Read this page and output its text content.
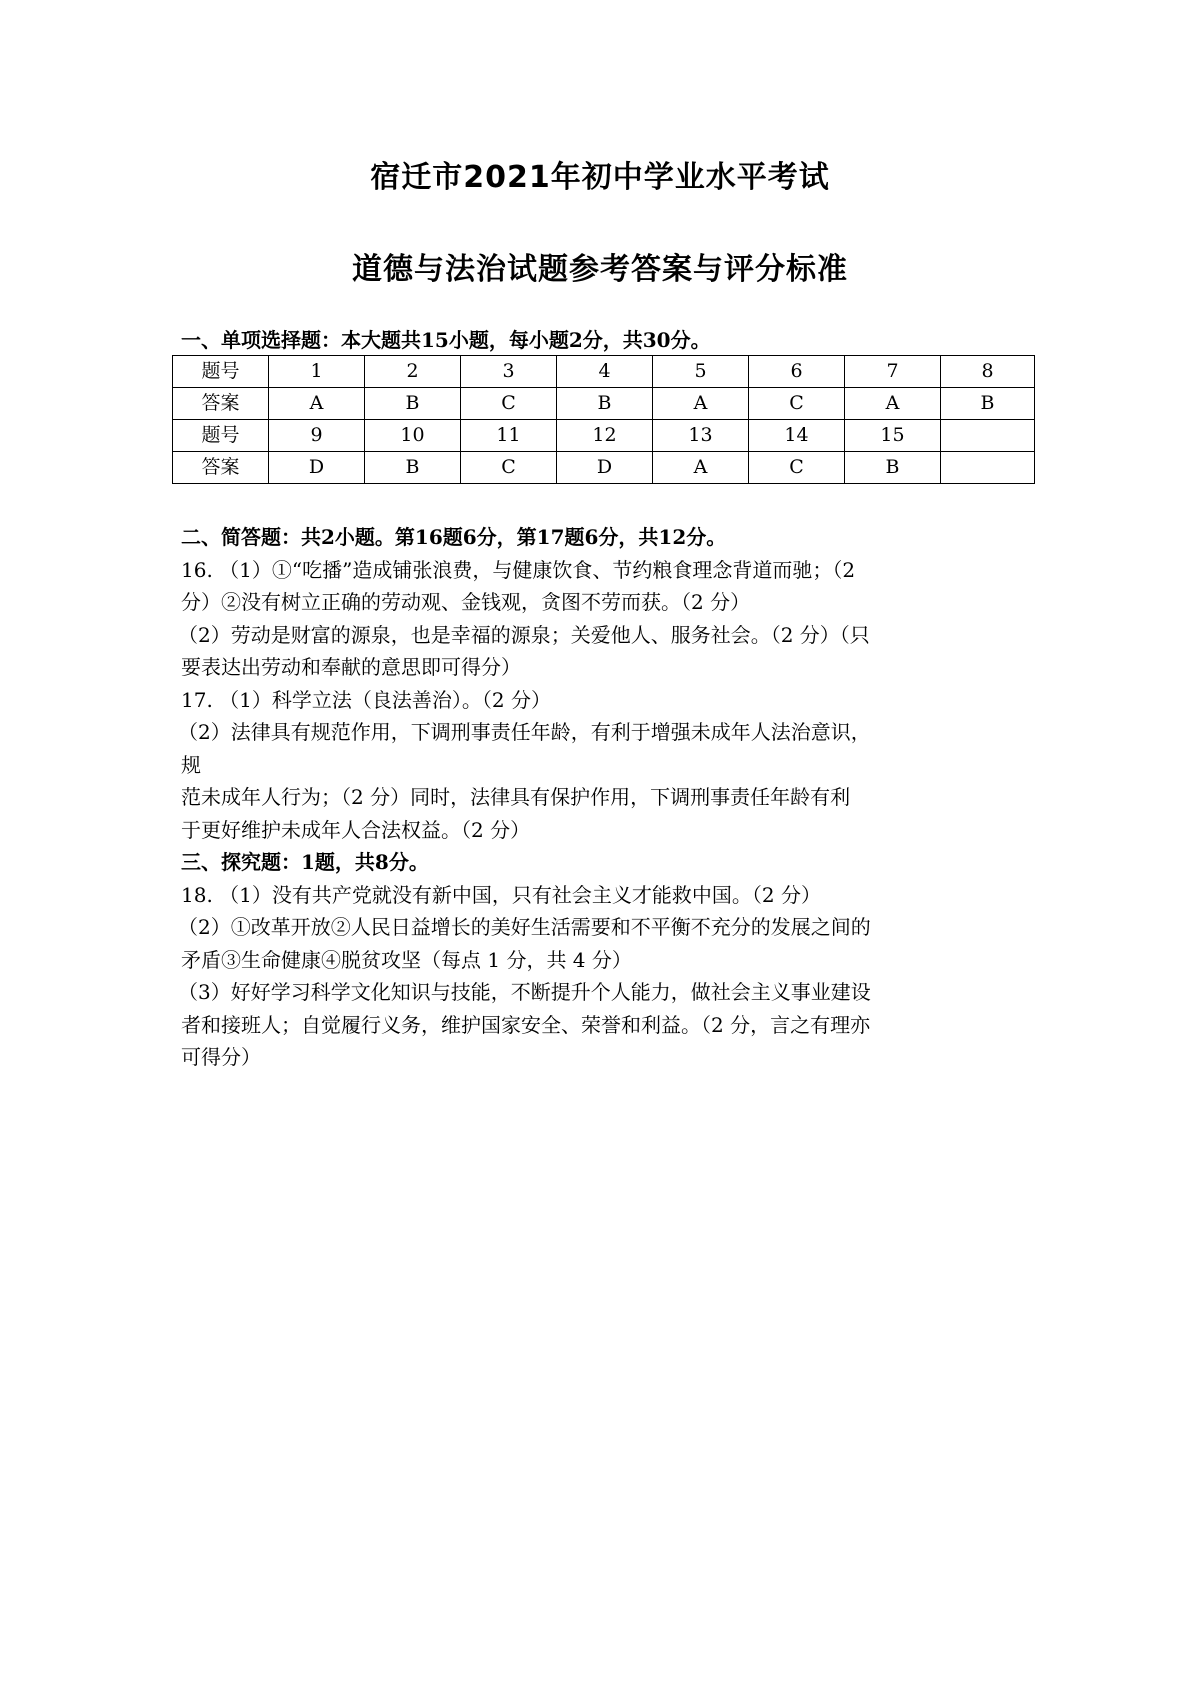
宿迁市2021年初中学业水平考试
道德与法治试题参考答案与评分标准
一、单项选择题：本大题共15小题，每小题2分，共30分。
题号	1	2	3	4	5	6	7	8
答案	A	B	C	B	A	C	A	B
题号	9	10	11	12	13	14	15	
答案	D	B	C	D	A	C	B	
二、简答题：共2小题。第16题6分，第17题6分，共12分。
16. （1）①“吃播”造成铺张浪费，与健康饮食、节约粮食理念背道而驰；（2
分）②没有树立正确的劳动观、金钱观，贪图不劳而获。（2 分）
（2）劳动是财富的源泉，也是幸福的源泉；关爱他人、服务社会。（2 分）（只
要表达出劳动和奉献的意思即可得分）
17. （1）科学立法（良法善治）。（2 分）
（2）法律具有规范作用，下调刑事责任年龄，有利于增强未成年人法治意识，
规
范未成年人行为；（2 分）同时，法律具有保护作用，下调刑事责任年龄有利
于更好维护未成年人合法权益。（2 分）
三、探究题：1题，共8分。
18. （1）没有共产党就没有新中国，只有社会主义才能救中国。（2 分）
（2）①改革开放②人民日益增长的美好生活需要和不平衡不充分的发展之间的
矛盾③生命健康④脱贫攻坚（每点 1 分，共 4 分）
（3）好好学习科学文化知识与技能，不断提升个人能力，做社会主义事业建设
者和接班人；自觉履行义务，维护国家安全、荣誉和利益。（2 分，言之有理亦
可得分）
